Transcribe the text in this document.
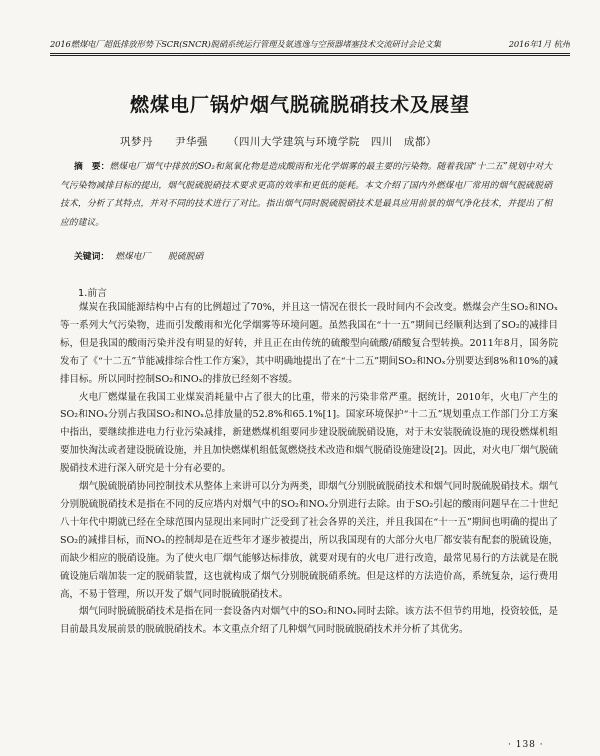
2016燃煤电厂超低排放形势下SCR(SNCR)脱硝系统运行管理及氨逃逸与空预器堵塞技术交流研讨会论文集	2016年1月 杭州
燃煤电厂锅炉烟气脱硫脱硝技术及展望
巩梦丹　　尹华强 （四川大学建筑与环境学院　四川　成都）
摘　要：燃煤电厂烟气中排放的SO₂和氮氧化物是造成酸雨和光化学烟雾的最主要的污染物。随着我国“十二五”规划中对大气污染物减排目标的提出，烟气脱硫脱硝技术要求更高的效率和更低的能耗。本文介绍了国内外燃煤电厂常用的烟气脱硫脱硝技术，分析了其特点，并对不同的技术进行了对比。指出烟气同时脱硫脱硝技术是最具应用前景的烟气净化技术，并提出了相应的建议。
关键词： 燃煤电厂　　脱硫脱硝
1.前言

煤炭在我国能源结构中占有的比例超过了70%，并且这一情况在很长一段时间内不会改变。燃煤会产生SO₂和NOₓ等一系列大气污染物，进而引发酸雨和光化学烟雾等环境问题。虽然我国在“十一五”期间已经顺利达到了SO₂的减排目标，但是我国的酸雨污染并没有明显的好转，并且正在由传统的硫酸型向硫酸/硝酸复合型转换。2011年8月，国务院发布了《“十二五”节能减排综合性工作方案》，其中明确地提出了在“十二五”期间SO₂和NOₓ分别要达到8%和10%的减排目标。所以同时控制SO₂和NOₓ的排放已经刻不容缓。

火电厂燃煤量在我国工业煤炭消耗量中占了很大的比重，带来的污染非常严重。据统计，2010年，火电厂产生的SO₂和NOₓ分别占我国SO₂和NOₓ总排放量的52.8%和65.1%[1]。国家环境保护“十二五”规划重点工作部门分工方案中指出，要继续推进电力行业污染减排，新建燃煤机组要同步建设脱硫脱硝设施，对于未安装脱硫设施的现役燃煤机组要加快淘汰或者建设脱硫设施，并且加快燃煤机组低氮燃烧技术改造和烟气脱硝设施建设[2]。因此，对火电厂烟气脱硫脱硝技术进行深入研究是十分有必要的。

烟气脱硫脱硝协同控制技术从整体上来讲可以分为两类，即烟气分别脱硫脱硝技术和烟气同时脱硫脱硝技术。烟气分别脱硫脱硝技术是指在不同的反应塔内对烟气中的SO₂和NOₓ分别进行去除。由于SO₂引起的酸雨问题早在二十世纪八十年代中期就已经在全球范围内显现出来同时广泛受到了社会各界的关注，并且我国在“十一五”期间也明确的提出了SO₂的减排目标，而NOₓ的控制却是在近些年才逐步被提出，所以我国现有的大部分火电厂都安装有配套的脱硫设施，而缺少相应的脱硝设施。为了使火电厂烟气能够达标排放，就要对现有的火电厂进行改造，最常见易行的方法就是在脱硫设施后端加装一定的脱硝装置，这也就构成了烟气分别脱硫脱硝系统。但是这样的方法造价高，系统复杂，运行费用高，不易于管理，所以开发了烟气同时脱硫脱硝技术。

烟气同时脱硫脱硝技术是指在同一套设备内对烟气中的SO₂和NOₓ同时去除。该方法不但节约用地，投资较低，是目前最具发展前景的脱硫脱硝技术。本文重点介绍了几种烟气同时脱硫脱硝技术并分析了其优劣。

· 138 ·
